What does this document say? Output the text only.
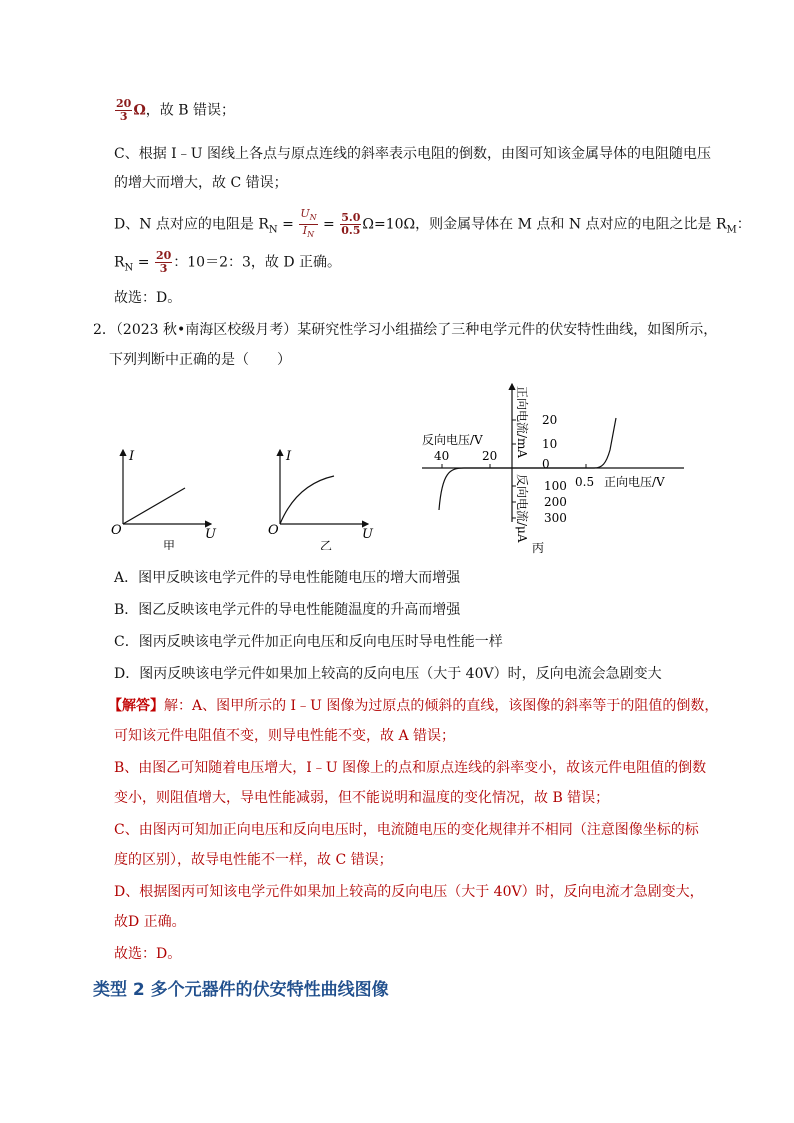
$\frac{20}{3}$ Ω，故 B 错误；
C、根据 I﹣U 图线上各点与原点连线的斜率表示电阻的倒数，由图可知该金属导体的电阻随电压
的增大而增大，故 C 错误；
D、N 点对应的电阻是 $R_N = \frac{U_N}{I_N} = \frac{5.0}{0.5} \Omega=10\Omega$，则金属导体在 M 点和 N 点对应的电阻之比是 $R_M$：
$R_N = \frac{20}{3}$ ：10＝2：3，故 D 正确。
故选：D。
2．（2023 秋•南海区校级月考）某研究性学习小组描绘了三种电学元件的伏安特性曲线，如图所示，
下列判断中正确的是（　　）
I
U
O
甲
I
U
O
乙
20
10
0
100
200
300
40	20
0.5
反向电压/V
正向电压/V
正向电流/mA
反向电流/μA
丙
A．图甲反映该电学元件的导电性能随电压的增大而增强
B．图乙反映该电学元件的导电性能随温度的升高而增强
C．图丙反映该电学元件加正向电压和反向电压时导电性能一样
D．图丙反映该电学元件如果加上较高的反向电压（大于 40V）时，反向电流会急剧变大
【解答】解：A、图甲所示的 I﹣U 图像为过原点的倾斜的直线，该图像的斜率等于的阻值的倒数，
可知该元件电阻值不变，则导电性能不变，故 A 错误；
B、由图乙可知随着电压增大，I﹣U 图像上的点和原点连线的斜率变小，故该元件电阻值的倒数
变小，则阻值增大，导电性能减弱，但不能说明和温度的变化情况，故 B 错误；
C、由图丙可知加正向电压和反向电压时，电流随电压的变化规律并不相同（注意图像坐标的标
度的区别），故导电性能不一样，故 C 错误；
D、根据图丙可知该电学元件如果加上较高的反向电压（大于 40V）时，反向电流才急剧变大，
故D 正确。
故选：D。
类型 2 多个元器件的伏安特性曲线图像
